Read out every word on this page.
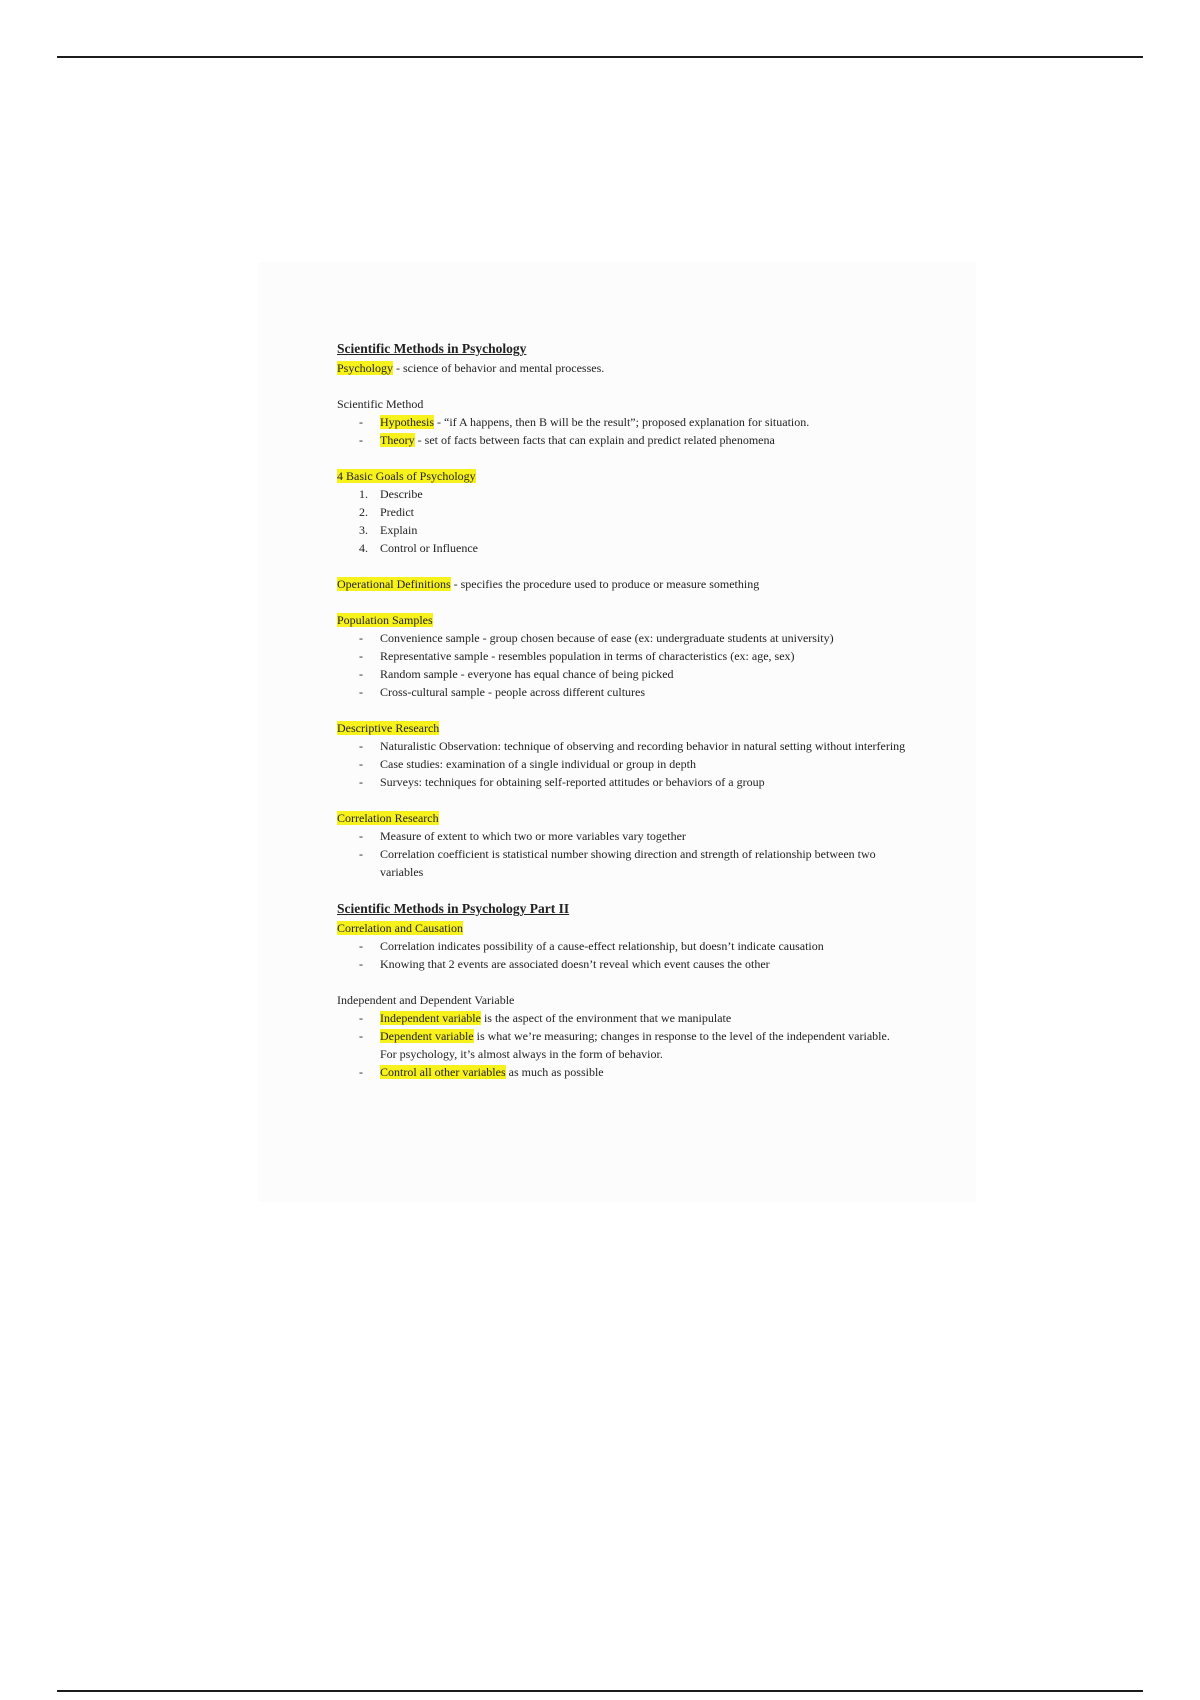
Scientific Methods in Psychology

Psychology - science of behavior and mental processes.

Scientific Method

- Hypothesis - “if A happens, then B will be the result”; proposed explanation for situation.
- Theory - set of facts between facts that can explain and predict related phenomena

4 Basic Goals of Psychology

1. Describe
2. Predict
3. Explain
4. Control or Influence

Operational Definitions - specifies the procedure used to produce or measure something

Population Samples

- Convenience sample - group chosen because of ease (ex: undergraduate students at university)
- Representative sample - resembles population in terms of characteristics (ex: age, sex)
- Random sample - everyone has equal chance of being picked
- Cross-cultural sample - people across different cultures

Descriptive Research

- Naturalistic Observation: technique of observing and recording behavior in natural setting without interfering
- Case studies: examination of a single individual or group in depth
- Surveys: techniques for obtaining self-reported attitudes or behaviors of a group

Correlation Research

- Measure of extent to which two or more variables vary together
- Correlation coefficient is statistical number showing direction and strength of relationship between two variables
Scientific Methods in Psychology Part II

Correlation and Causation

- Correlation indicates possibility of a cause-effect relationship, but doesn’t indicate causation
- Knowing that 2 events are associated doesn’t reveal which event causes the other

Independent and Dependent Variable

- Independent variable is the aspect of the environment that we manipulate
- Dependent variable is what we’re measuring; changes in response to the level of the independent variable. For psychology, it’s almost always in the form of behavior.
- Control all other variables as much as possible
